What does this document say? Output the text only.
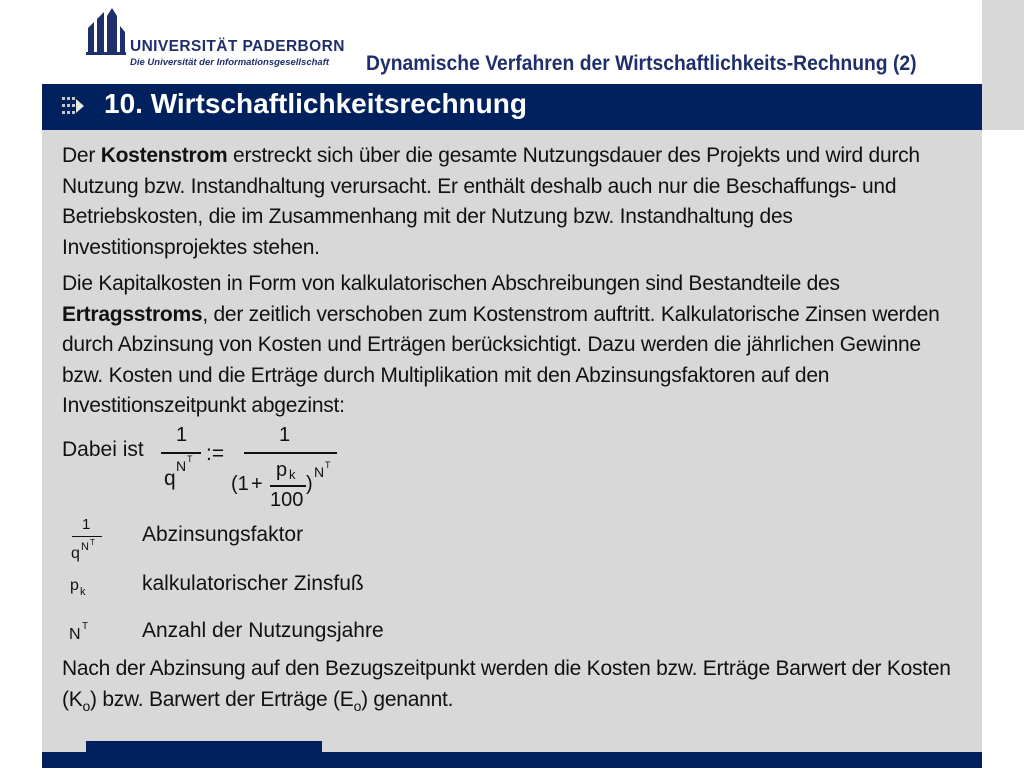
UNIVERSITÄT PADERBORN
Die Universität der Informationsgesellschaft Dynamische Verfahren der Wirtschaftlichkeits-Rechnung (2)
10. Wirtschaftlichkeitsrechnung
Der Kostenstrom erstreckt sich über die gesamte Nutzungsdauer des Projekts und wird durch Nutzung bzw. Instandhaltung verursacht. Er enthält deshalb auch nur die Beschaffungs- und Betriebskosten, die im Zusammenhang mit der Nutzung bzw. Instandhaltung des Investitionsprojektes stehen.
Die Kapitalkosten in Form von kalkulatorischen Abschreibungen sind Bestandteile des Ertragsstroms, der zeitlich verschoben zum Kostenstrom auftritt. Kalkulatorische Zinsen werden durch Abzinsung von Kosten und Erträgen berücksichtigt. Dazu werden die jährlichen Gewinne bzw. Kosten und die Erträge durch Multiplikation mit den Abzinsungsfaktoren auf den Investitionszeitpunkt abgezinst:
Dabei ist
1
q
N T :=
1
(1 +
p k
100
)
N T
1
q N T Abzinsungsfaktor
p k	kalkulatorischer Zinsfuß
N T	Anzahl der Nutzungsjahre
Nach der Abzinsung auf den Bezugszeitpunkt werden die Kosten bzw. Erträge Barwert der Kosten $(K_o)$ bzw. Barwert der Erträge $(E_o)$ genannt.
